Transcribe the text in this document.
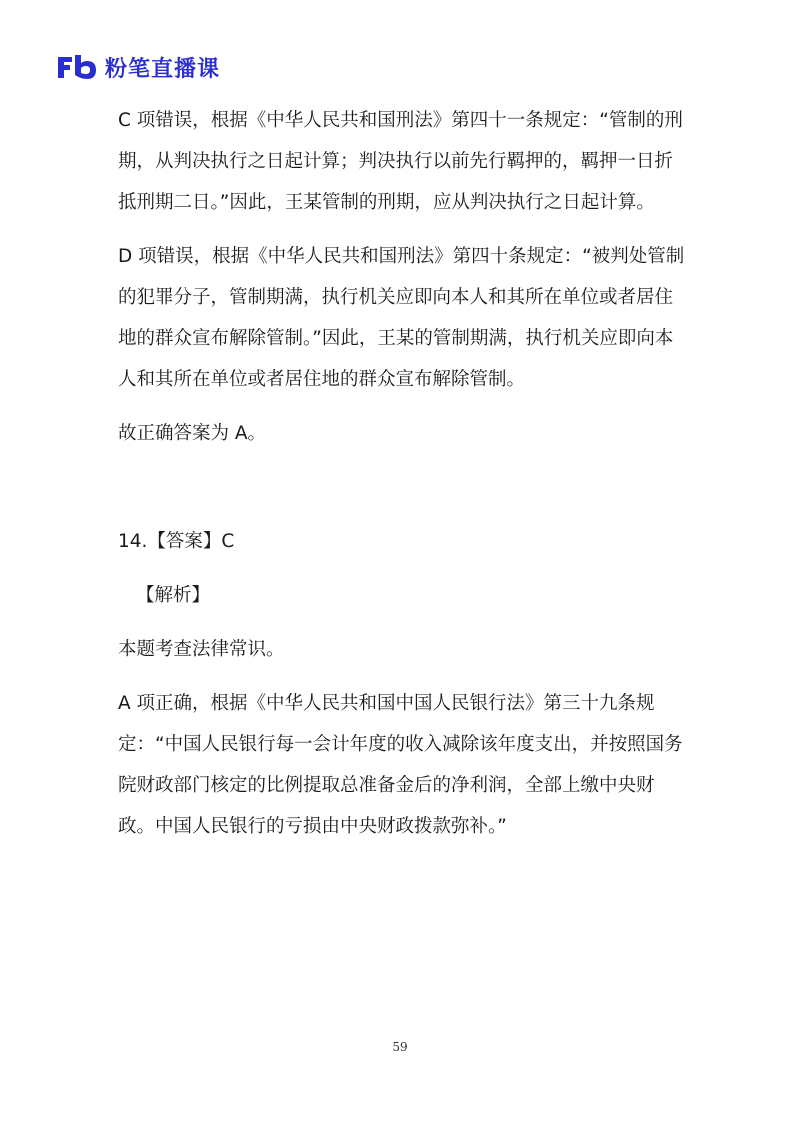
粉笔直播课

C 项错误，根据《中华人民共和国刑法》第四十一条规定：“管制的刑期，从判决执行之日起计算；判决执行以前先行羁押的，羁押一日折抵刑期二日。”因此，王某管制的刑期，应从判决执行之日起计算。

D 项错误，根据《中华人民共和国刑法》第四十条规定：“被判处管制的犯罪分子，管制期满，执行机关应即向本人和其所在单位或者居住地的群众宣布解除管制。”因此，王某的管制期满，执行机关应即向本人和其所在单位或者居住地的群众宣布解除管制。

故正确答案为 A。

14.【答案】C

【解析】

本题考查法律常识。

A 项正确，根据《中华人民共和国中国人民银行法》第三十九条规定：“中国人民银行每一会计年度的收入减除该年度支出，并按照国务院财政部门核定的比例提取总准备金后的净利润，全部上缴中央财政。中国人民银行的亏损由中央财政拨款弥补。”

59
